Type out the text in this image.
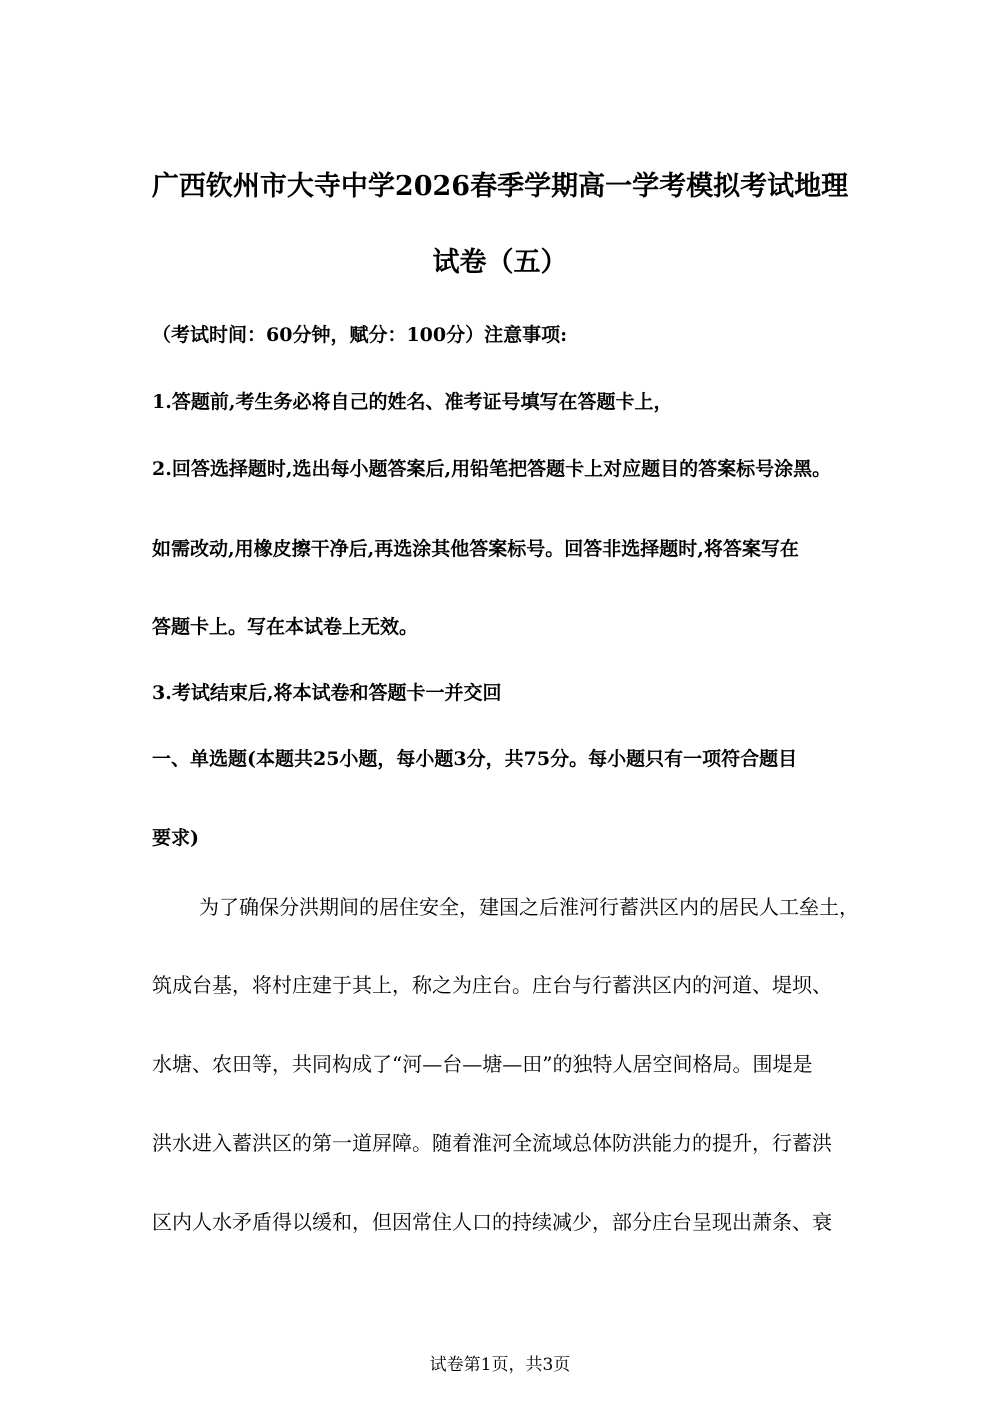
广西钦州市大寺中学2026春季学期高一学考模拟考试地理
试卷（五）
（考试时间：60分钟，赋分：100分）注意事项:
1.答题前,考生务必将自己的姓名、准考证号填写在答题卡上，
2.回答选择题时,选出每小题答案后,用铅笔把答题卡上对应题目的答案标号涂黑。
如需改动,用橡皮擦干净后,再选涂其他答案标号。回答非选择题时,将答案写在
答题卡上。写在本试卷上无效。
3.考试结束后,将本试卷和答题卡一并交回
一、单选题(本题共25小题，每小题3分，共75分。每小题只有一项符合题目
要求)
为了确保分洪期间的居住安全，建国之后淮河行蓄洪区内的居民人工垒土，
筑成台基，将村庄建于其上，称之为庄台。庄台与行蓄洪区内的河道、堤坝、
水塘、农田等，共同构成了“河—台—塘—田”的独特人居空间格局。围堤是
洪水进入蓄洪区的第一道屏障。随着淮河全流域总体防洪能力的提升，行蓄洪
区内人水矛盾得以缓和，但因常住人口的持续减少，部分庄台呈现出萧条、衰
试卷第1页，共3页
